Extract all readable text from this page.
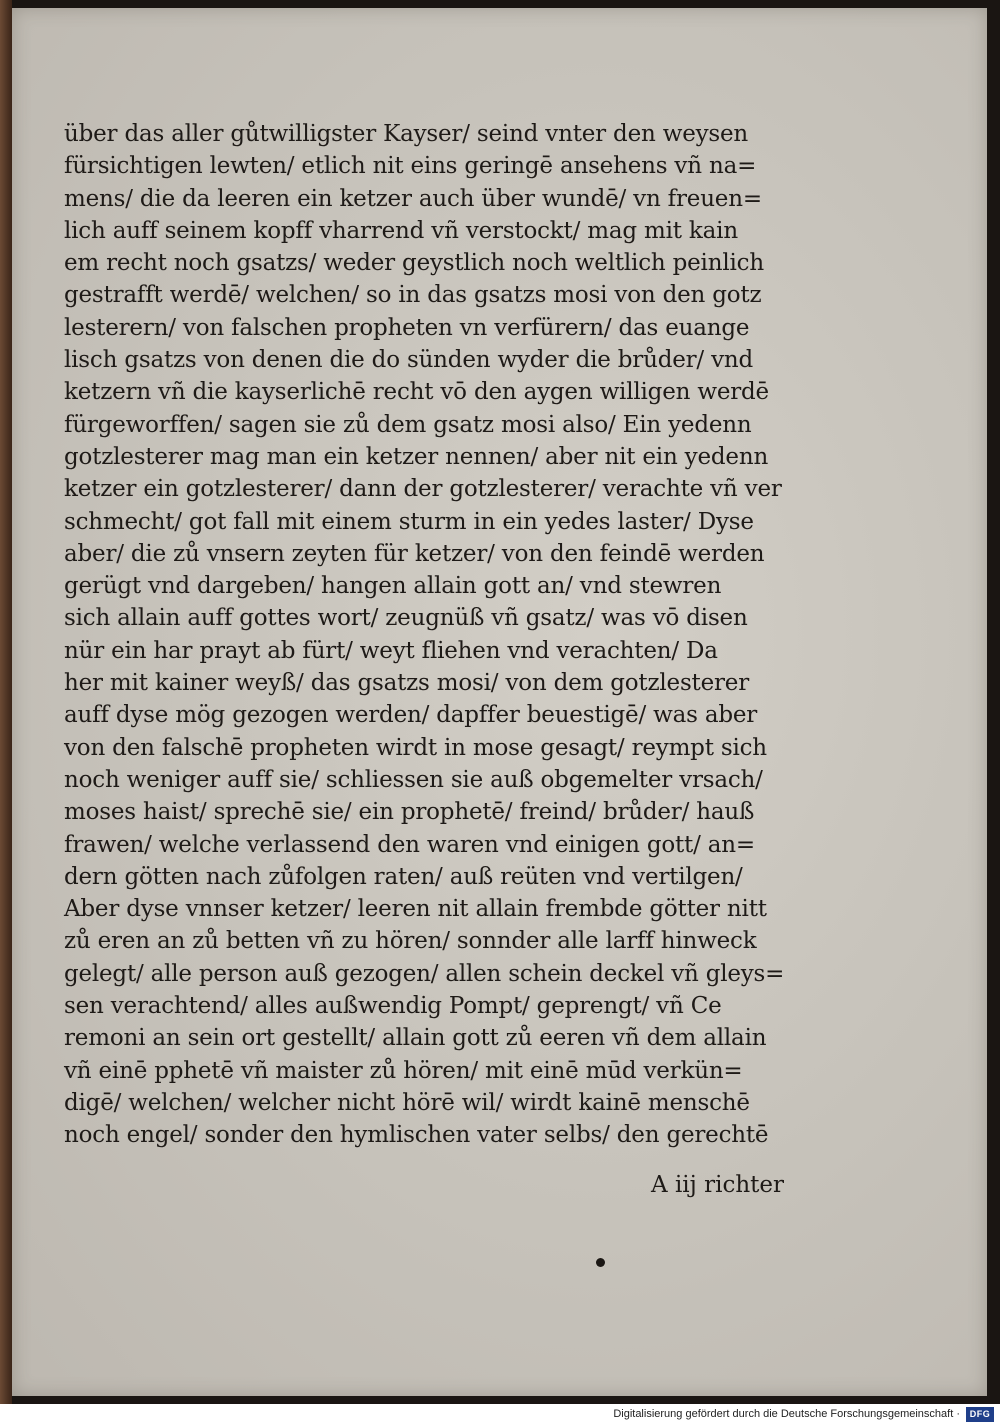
über das aller gůtwilligster Kayser/ seind vnter den weysen
fürsichtigen lewten/ etlich nit eins geringē ansehens vñ na=
mens/ die da leeren ein ketzer auch über wundē/ vn freuen=
lich auff seinem kopff vharrend vñ verstockt/ mag mit kain
em recht noch gsatzs/ weder geystlich noch weltlich peinlich
gestrafft werdē/ welchen/ so in das gsatzs mosi von den gotz
lesterern/ von falschen propheten vn verfürern/ das euange
lisch gsatzs von denen die do sünden wyder die brůder/ vnd
ketzern vñ die kayserlichē recht vō den aygen willigen werdē
fürgeworffen/ sagen sie zů dem gsatz mosi also/ Ein yedenn
gotzlesterer mag man ein ketzer nennen/ aber nit ein yedenn
ketzer ein gotzlesterer/ dann der gotzlesterer/ verachte vñ ver
schmecht/ got fall mit einem sturm in ein yedes laster/ Dyse
aber/ die zů vnsern zeyten für ketzer/ von den feindē werden
gerügt vnd dargeben/ hangen allain gott an/ vnd stewren
sich allain auff gottes wort/ zeugnüß vñ gsatz/ was vō disen
nür ein har prayt ab fürt/ weyt fliehen vnd verachten/ Da
her mit kainer weyß/ das gsatzs mosi/ von dem gotzlesterer
auff dyse mög gezogen werden/ dapffer beuestigē/ was aber
von den falschē propheten wirdt in mose gesagt/ reympt sich
noch weniger auff sie/ schliessen sie auß obgemelter vrsach/
moses haist/ sprechē sie/ ein prophetē/ freind/ brůder/ hauß
frawen/ welche verlassend den waren vnd einigen gott/ an=
dern götten nach zůfolgen raten/ auß reüten vnd vertilgen/
Aber dyse vnnser ketzer/ leeren nit allain frembde götter nitt
zů eren an zů betten vñ zu hören/ sonnder alle larff hinweck
gelegt/ alle person auß gezogen/ allen schein deckel vñ gleys=
sen verachtend/ alles außwendig Pompt/ geprengt/ vñ Ce
remoni an sein ort gestellt/ allain gott zů eeren vñ dem allain
vñ einē pphetē vñ maister zů hören/ mit einē mūd verkün=
digē/ welchen/ welcher nicht hörē wil/ wirdt kainē menschē
noch engel/ sonder den hymlischen vater selbs/ den gerechtē
A iij richter
Digitalisierung gefördert durch die Deutsche Forschungsgemeinschaft ·	DFG
